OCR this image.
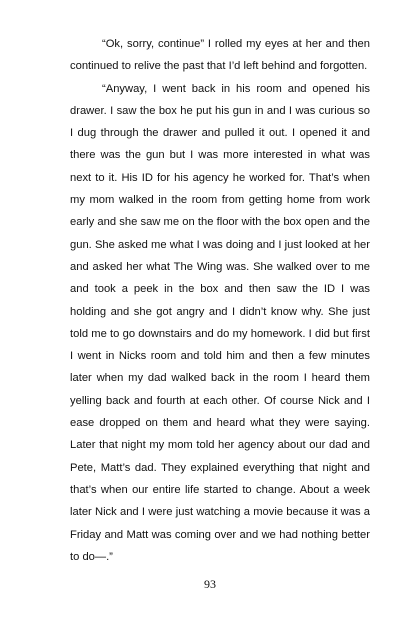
“Ok, sorry, continue” I rolled my eyes at her and then continued to relive the past that I’d left behind and forgotten.

“Anyway, I went back in his room and opened his drawer. I saw the box he put his gun in and I was curious so I dug through the drawer and pulled it out. I opened it and there was the gun but I was more interested in what was next to it. His ID for his agency he worked for. That’s when my mom walked in the room from getting home from work early and she saw me on the floor with the box open and the gun. She asked me what I was doing and I just looked at her and asked her what The Wing was. She walked over to me and took a peek in the box and then saw the ID I was holding and she got angry and I didn’t know why. She just told me to go downstairs and do my homework. I did but first I went in Nicks room and told him and then a few minutes later when my dad walked back in the room I heard them yelling back and fourth at each other. Of course Nick and I ease dropped on them and heard what they were saying. Later that night my mom told her agency about our dad and Pete, Matt’s dad. They explained everything that night and that’s when our entire life started to change. About a week later Nick and I were just watching a movie because it was a Friday and Matt was coming over and we had nothing better to do—.”

93
